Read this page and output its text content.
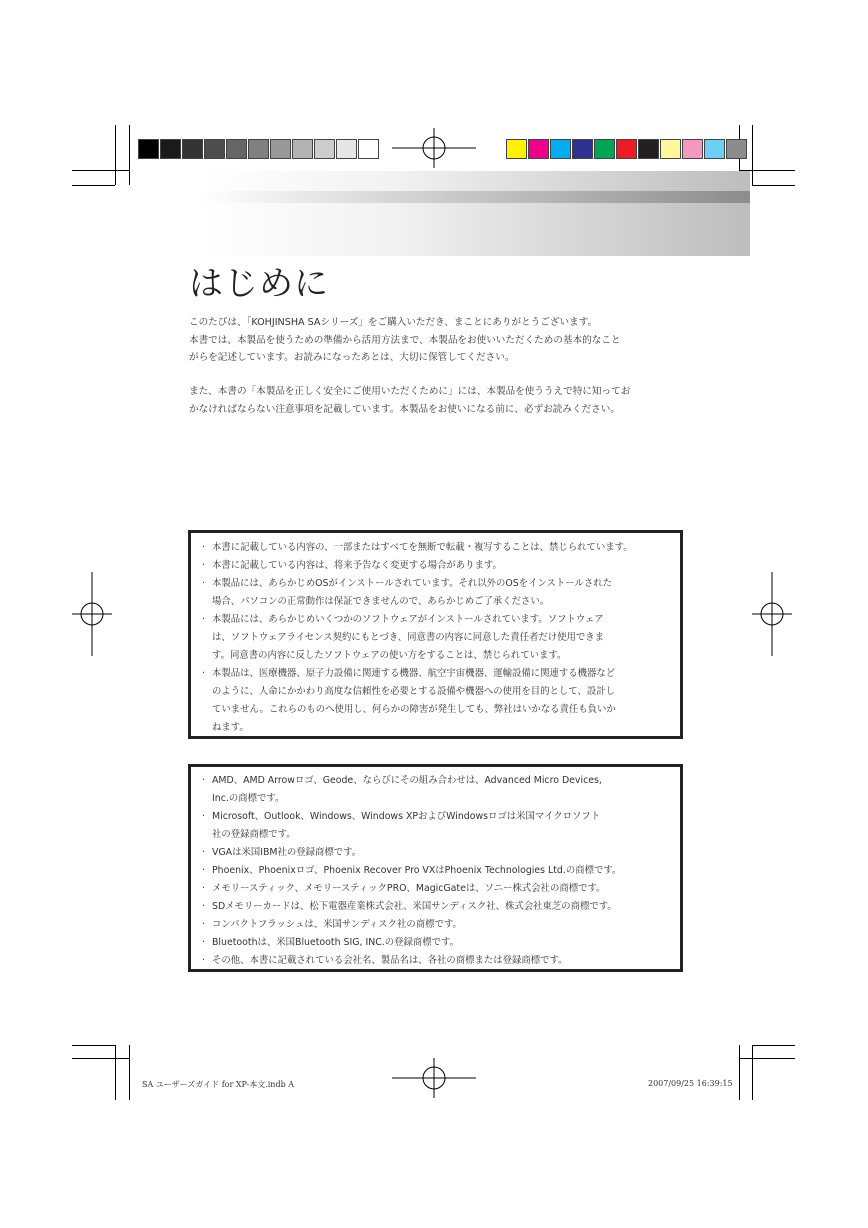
はじめに

このたびは、「KOHJINSHA SAシリーズ」をご購入いただき、まことにありがとうございます。

本書では、本製品を使うための準備から活用方法まで、本製品をお使いいただくための基本的なこと

がらを記述しています。お読みになったあとは、大切に保管してください。

また、本書の「本製品を正しく安全にご使用いただくために」には、本製品を使ううえで特に知ってお

かなければならない注意事項を記載しています。本製品をお使いになる前に、必ずお読みください。

· 本書に記載している内容の、一部またはすべてを無断で転載・複写することは、禁じられています。
· 本書に記載している内容は、将来予告なく変更する場合があります。
· 本製品には、あらかじめOSがインストールされています。それ以外のOSをインストールされた
場合、パソコンの正常動作は保証できませんので、あらかじめご了承ください。
· 本製品には、あらかじめいくつかのソフトウェアがインストールされています。ソフトウェア
は、ソフトウェアライセンス契約にもとづき、同意書の内容に同意した責任者だけ使用できま
す。同意書の内容に反したソフトウェアの使い方をすることは、禁じられています。
· 本製品は、医療機器、原子力設備に関連する機器、航空宇宙機器、運輸設備に関連する機器など
のように、人命にかかわり高度な信頼性を必要とする設備や機器への使用を目的として、設計し
ていません。これらのものへ使用し、何らかの障害が発生しても、弊社はいかなる責任も負いか
ねます。
· AMD、AMD Arrowロゴ、Geode、ならびにその組み合わせは、Advanced Micro Devices,
Inc.の商標です。
· Microsoft、Outlook、Windows、Windows XPおよびWindowsロゴは米国マイクロソフト
社の登録商標です。
· VGAは米国IBM社の登録商標です。
· Phoenix、Phoenixロゴ、Phoenix Recover Pro VXはPhoenix Technologies Ltd.の商標です。
· メモリースティック、メモリースティックPRO、MagicGateは、ソニー株式会社の商標です。
· SDメモリーカードは、松下電器産業株式会社、米国サンディスク社、株式会社東芝の商標です。
· コンパクトフラッシュは、米国サンディスク社の商標です。
· Bluetoothは、米国Bluetooth SIG, INC.の登録商標です。
· その他、本書に記載されている会社名、製品名は、各社の商標または登録商標です。
SA ユーザーズガイド for XP-本文.indb A	2007/09/25 16:39:15
